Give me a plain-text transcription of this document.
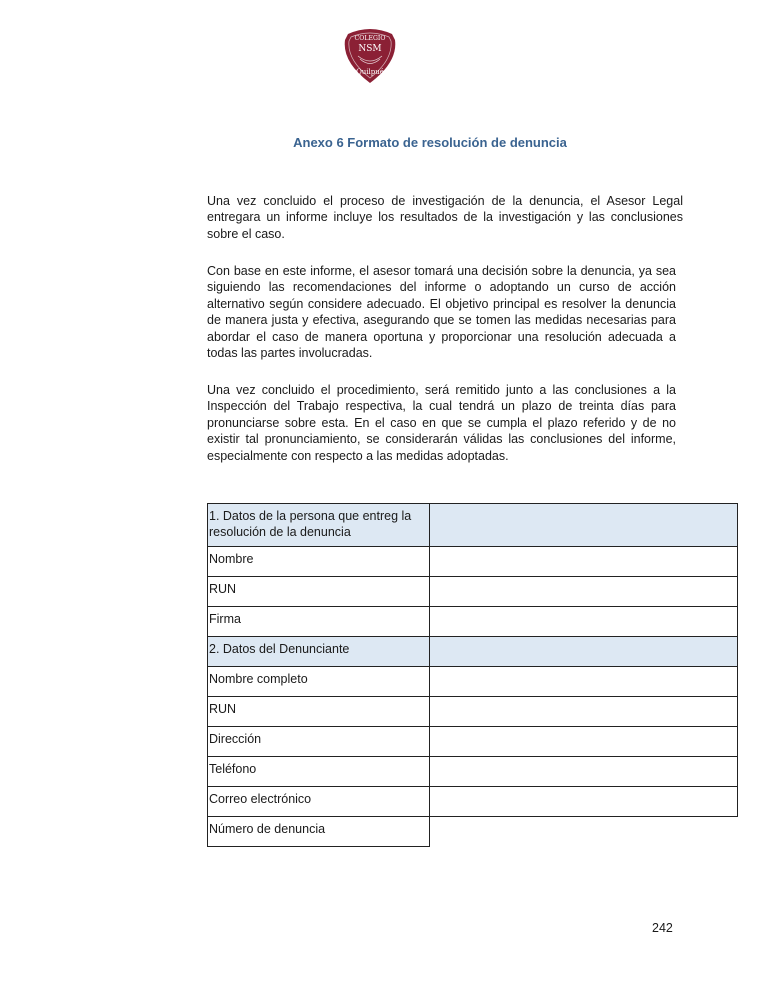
COLEGIO
NSM
Quilpué
Anexo 6 Formato de resolución de denuncia

Una vez concluido el proceso de investigación de la denuncia, el Asesor Legal entregara un informe incluye los resultados de la investigación y las conclusiones sobre el caso.

Con base en este informe, el asesor tomará una decisión sobre la denuncia, ya sea siguiendo las recomendaciones del informe o adoptando un curso de acción alternativo según considere adecuado. El objetivo principal es resolver la denuncia de manera justa y efectiva, asegurando que se tomen las medidas necesarias para abordar el caso de manera oportuna y proporcionar una resolución adecuada a todas las partes involucradas.

Una vez concluido el procedimiento, será remitido junto a las conclusiones a la Inspección del Trabajo respectiva, la cual tendrá un plazo de treinta días para pronunciarse sobre esta. En el caso en que se cumpla el plazo referido y de no existir tal pronunciamiento, se considerarán válidas las conclusiones del informe, especialmente con respecto a las medidas adoptadas.

1. Datos de la persona que entreg la resolución de la denuncia	
Nombre	
RUN	
Firma	
2. Datos del Denunciante	
Nombre completo	
RUN	
Dirección	
Teléfono	
Correo electrónico	
Número de denuncia	
242
